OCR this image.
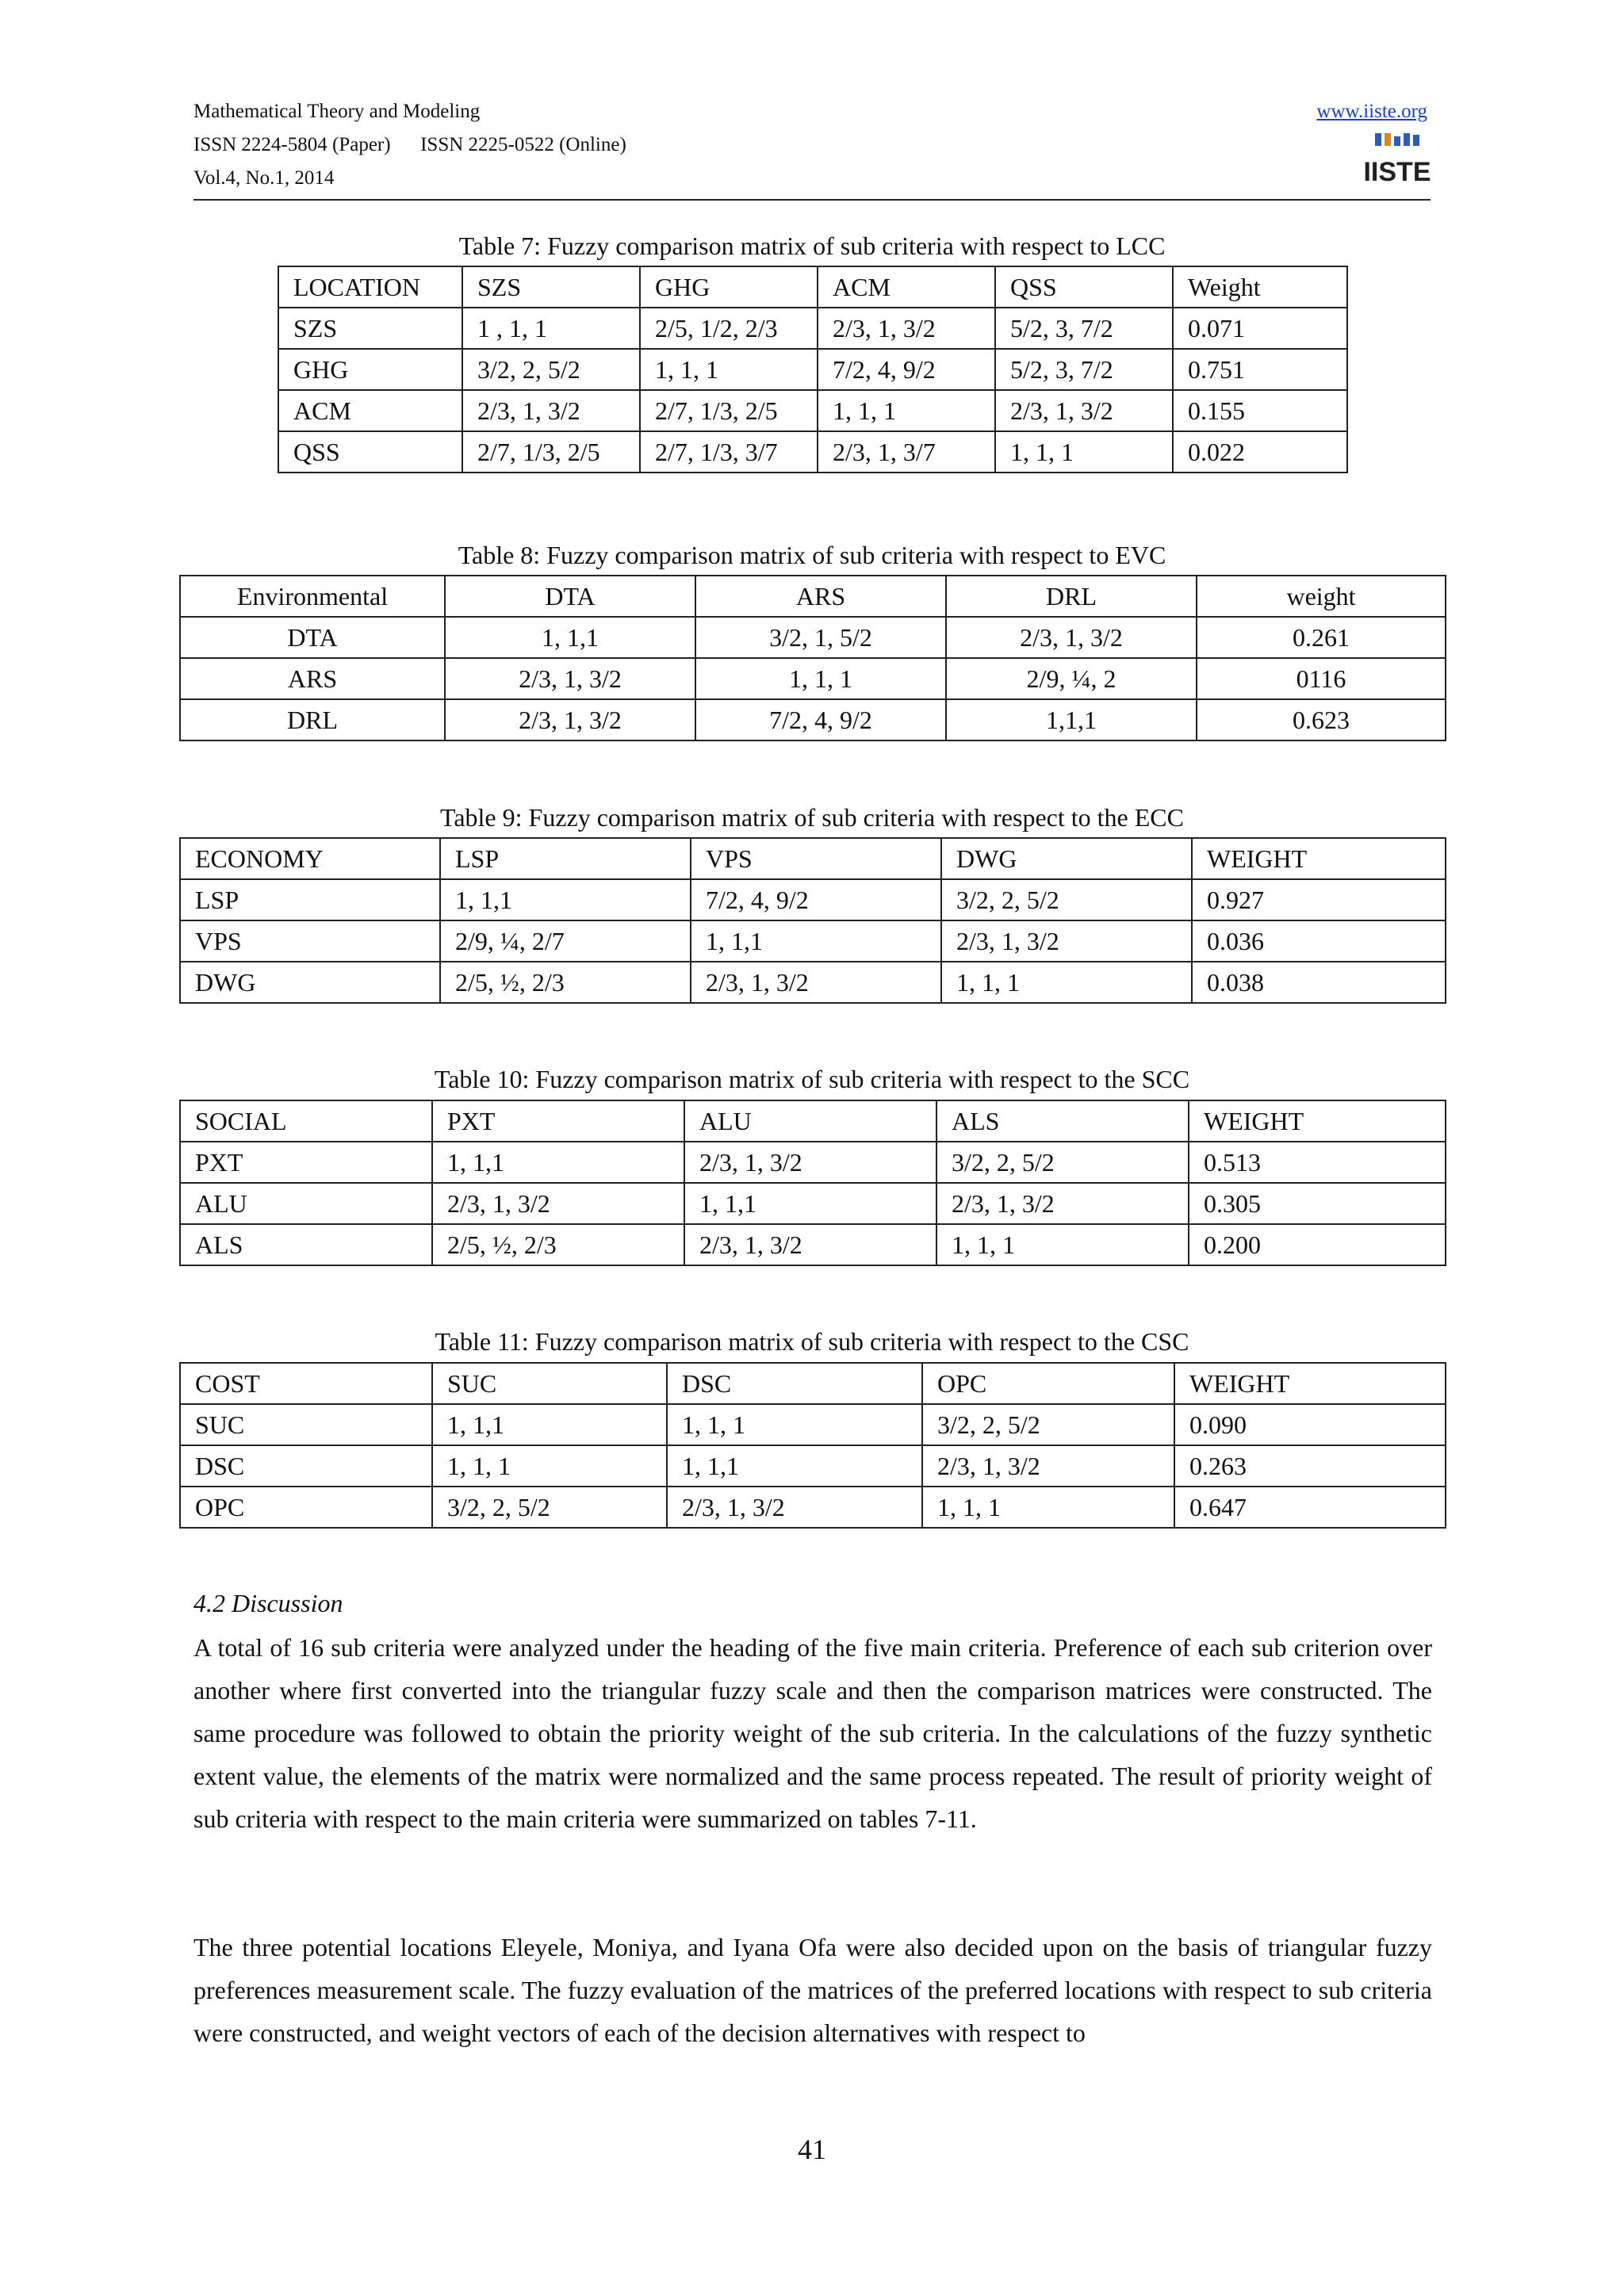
Mathematical Theory and Modeling

ISSN 2224-5804 (Paper)      ISSN 2225-0522 (Online)

Vol.4, No.1, 2014

www.iiste.org
IISTE

Table 7: Fuzzy comparison matrix of sub criteria with respect to LCC

LOCATION	SZS	GHG	ACM	QSS	Weight
SZS	1 , 1, 1	2/5, 1/2, 2/3	2/3, 1, 3/2	5/2, 3, 7/2	0.071
GHG	3/2, 2, 5/2	1, 1, 1	7/2, 4, 9/2	5/2, 3, 7/2	0.751
ACM	2/3, 1, 3/2	2/7, 1/3, 2/5	1, 1, 1	2/3, 1, 3/2	0.155
QSS	2/7, 1/3, 2/5	2/7, 1/3, 3/7	2/3, 1, 3/7	1, 1, 1	0.022

Table 8: Fuzzy comparison matrix of sub criteria with respect to EVC

Environmental	DTA	ARS	DRL	weight
DTA	1, 1,1	3/2, 1, 5/2	2/3, 1, 3/2	0.261
ARS	2/3, 1, 3/2	1, 1, 1	2/9, ¼, 2	0116
DRL	2/3, 1, 3/2	7/2, 4, 9/2	1,1,1	0.623

Table 9: Fuzzy comparison matrix of sub criteria with respect to the ECC

ECONOMY	LSP	VPS	DWG	WEIGHT
LSP	1, 1,1	7/2, 4, 9/2	3/2, 2, 5/2	0.927
VPS	2/9, ¼, 2/7	1, 1,1	2/3, 1, 3/2	0.036
DWG	2/5, ½, 2/3	2/3, 1, 3/2	1, 1, 1	0.038

Table 10: Fuzzy comparison matrix of sub criteria with respect to the SCC

SOCIAL	PXT	ALU	ALS	WEIGHT
PXT	1, 1,1	2/3, 1, 3/2	3/2, 2, 5/2	0.513
ALU	2/3, 1, 3/2	1, 1,1	2/3, 1, 3/2	0.305
ALS	2/5, ½, 2/3	2/3, 1, 3/2	1, 1, 1	0.200

Table 11: Fuzzy comparison matrix of sub criteria with respect to the CSC

COST	SUC	DSC	OPC	WEIGHT
SUC	1, 1,1	1, 1, 1	3/2, 2, 5/2	0.090
DSC	1, 1, 1	1, 1,1	2/3, 1, 3/2	0.263
OPC	3/2, 2, 5/2	2/3, 1, 3/2	1, 1, 1	0.647

4.2 Discussion

A total of 16 sub criteria were analyzed under the heading of the five main criteria. Preference of each sub criterion over another where first converted into the triangular fuzzy scale and then the comparison matrices were constructed. The same procedure was followed to obtain the priority weight of the sub criteria. In the calculations of the fuzzy synthetic extent value, the elements of the matrix were normalized and the same process repeated. The result of priority weight of sub criteria with respect to the main criteria were summarized on tables 7-11.

The three potential locations Eleyele, Moniya, and Iyana Ofa were also decided upon on the basis of triangular fuzzy preferences measurement scale. The fuzzy evaluation of the matrices of the preferred locations with respect to sub criteria were constructed, and weight vectors of each of the decision alternatives with respect to

41
